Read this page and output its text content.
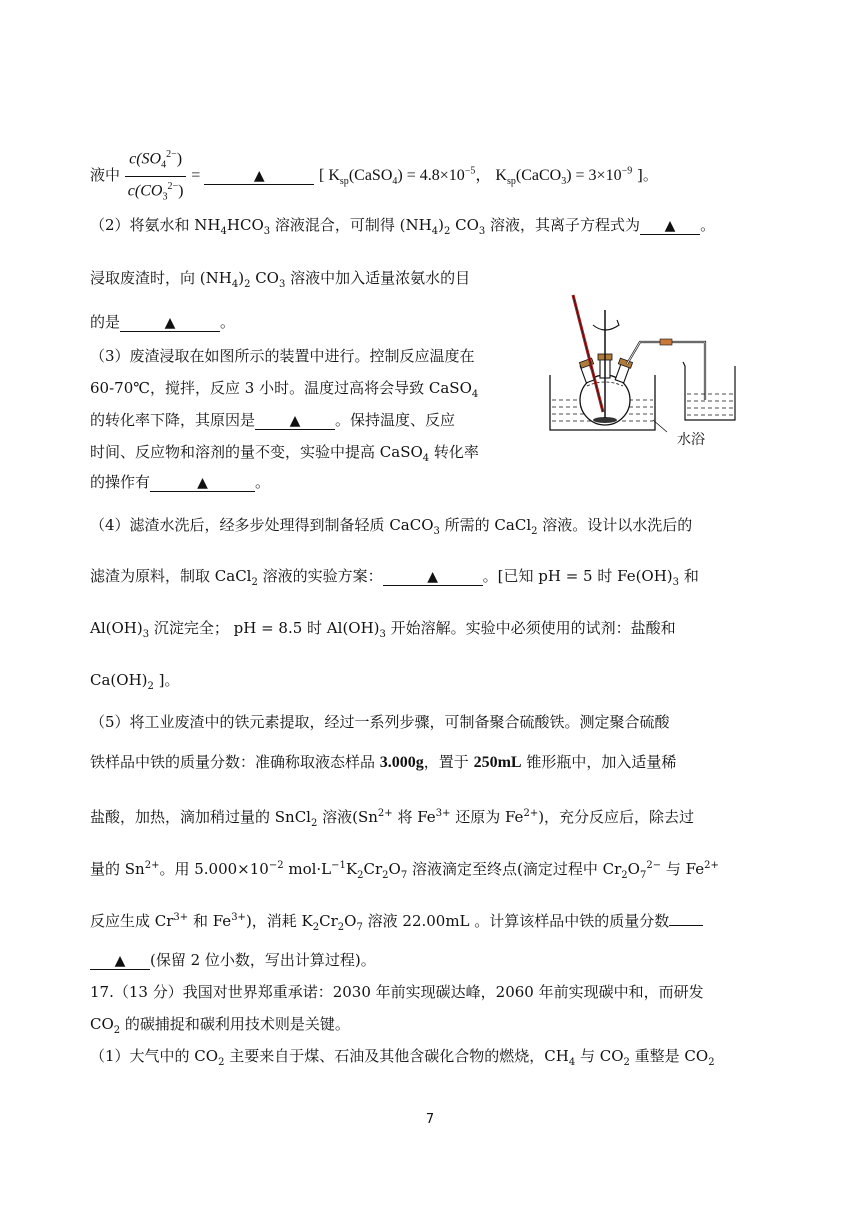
液中 $\frac{c(SO_4^{2-})}{c(CO_3^{2-})}$ =	▲	[ $K_{sp}(CaSO_4) = 4.8\times 10^{-5}$， $K_{sp}(CaCO_3) = 3\times 10^{-9}$ ]。
（2）将氨水和 $NH_4HCO_3$ 溶液混合，可制得 $(NH_4)_2$ $CO_3$ 溶液，其离子方程式为 ▲ 。
浸取废渣时，向 $(NH_4)_2$ $CO_3$ 溶液中加入适量浓氨水的目
的是	▲	。
（3）废渣浸取在如图所示的装置中进行。控制反应温度在
60-70℃，搅拌，反应 3 小时。温度过高将会导致 CaSO$_4$
的转化率下降，其原因是 ▲ 。保持温度、反应
时间、反应物和溶剂的量不变，实验中提高 CaSO$_4$ 转化率
的操作有	▲	。
水浴
（4）滤渣水洗后，经多步处理得到制备轻质 CaCO$_3$ 所需的 CaCl$_2$ 溶液。设计以水洗后的
滤渣为原料，制取 CaCl$_2$ 溶液的实验方案：	▲	。[已知 pH = 5 时 $Fe(OH)_3$ 和
$Al(OH)_3$ 沉淀完全； pH = 8.5 时 $Al(OH)_3$ 开始溶解。实验中必须使用的试剂：盐酸和
$Ca(OH)_2$ ]。
（5）将工业废渣中的铁元素提取，经过一系列步骤，可制备聚合硫酸铁。测定聚合硫酸
铁样品中铁的质量分数：准确称取液态样品 3.000g，置于 250mL 锥形瓶中，加入适量稀
盐酸，加热，滴加稍过量的 SnCl$_2$ 溶液($Sn^{2+}$ 将 $Fe^{3+}$ 还原为 $Fe^{2+}$)，充分反应后，除去过
量的 $Sn^{2+}$。用 $5.000\times 10^{-2}$ $mol\cdot L^{-1}K_2Cr_2O_7$ 溶液滴定至终点(滴定过程中 $Cr_2O_7^{2-}$ 与 $Fe^{2+}$
反应生成 $Cr^{3+}$ 和 $Fe^{3+}$)，消耗 $K_2Cr_2O_7$ 溶液 22.00mL 。计算该样品中铁的质量分数
▲ (保留 2 位小数，写出计算过程)。
17.（13 分）我国对世界郑重承诺：2030 年前实现碳达峰，2060 年前实现碳中和，而研发
$CO_2$ 的碳捕捉和碳利用技术则是关键。
（1）大气中的 $CO_2$ 主要来自于煤、石油及其他含碳化合物的燃烧，$CH_4$ 与 $CO_2$ 重整是 $CO_2$
7
